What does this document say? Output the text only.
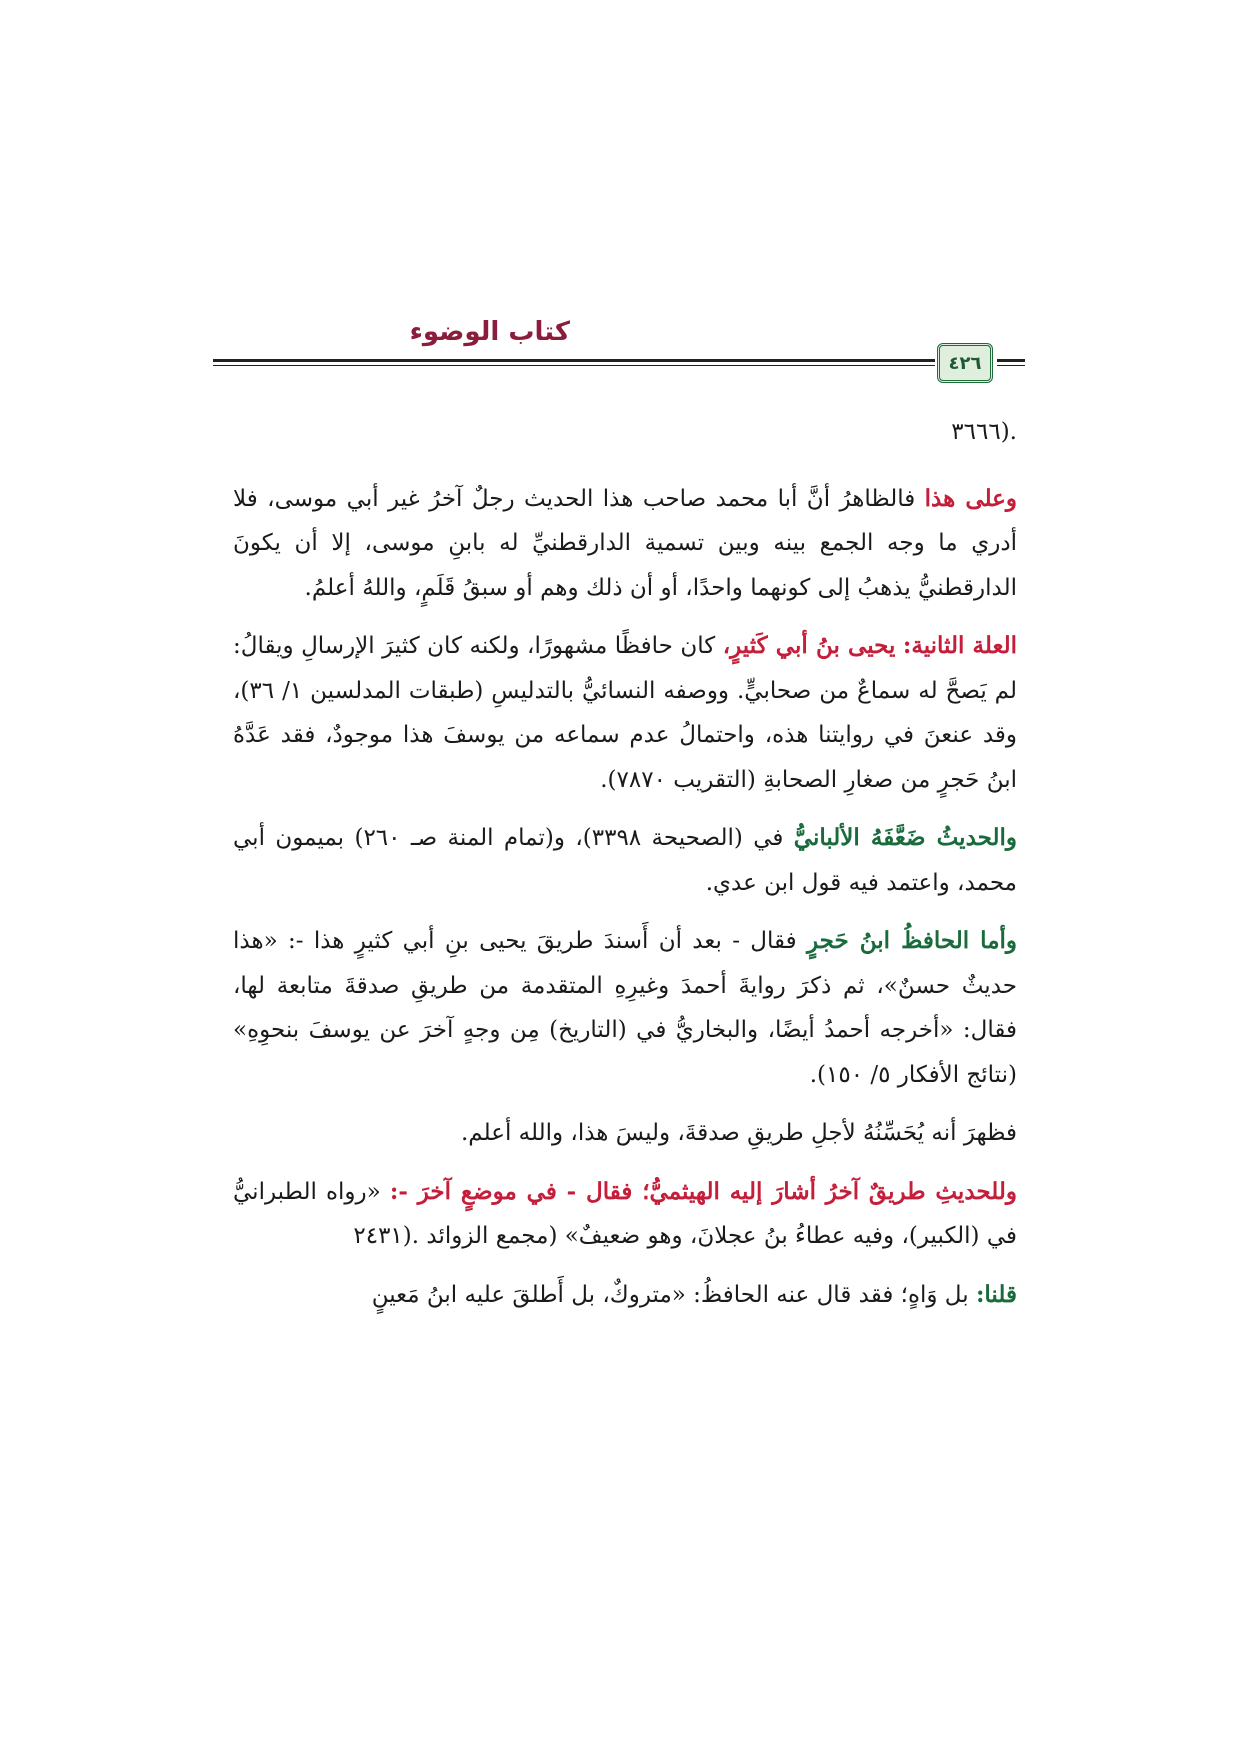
كتاب الوضوء
٤٢٦

.(٣٦٦٦

وعلى هذا فالظاهرُ أنَّ أبا محمد صاحب هذا الحديث رجلٌ آخرُ غير أبي موسى، فلا أدري ما وجه الجمع بينه وبين تسمية الدارقطنيِّ له بابنِ موسى، إلا أن يكونَ الدارقطنيُّ يذهبُ إلى كونهما واحدًا، أو أن ذلك وهم أو سبقُ قَلَمٍ، واللهُ أعلمُ.

العلة الثانية: يحيى بنُ أبي كَثيرٍ، كان حافظًا مشهورًا، ولكنه كان كثيرَ الإرسالِ ويقالُ: لم يَصحَّ له سماعٌ من صحابيٍّ. ووصفه النسائيُّ بالتدليسِ (طبقات المدلسين ١/ ٣٦)، وقد عنعنَ في روايتنا هذه، واحتمالُ عدم سماعه من يوسفَ هذا موجودٌ، فقد عَدَّهُ ابنُ حَجرٍ من صغارِ الصحابةِ (التقريب ٧٨٧٠).

والحديثُ ضَعَّفَهُ الألبانيُّ في (الصحيحة ٣٣٩٨)، و(تمام المنة صـ ٢٦٠) بميمون أبي محمد، واعتمد فيه قول ابن عدي.

وأما الحافظُ ابنُ حَجرٍ فقال - بعد أن أَسندَ طريقَ يحيى بنِ أبي كثيرٍ هذا -: «هذا حديثٌ حسنٌ»، ثم ذكرَ روايةَ أحمدَ وغيرِهِ المتقدمة من طريقِ صدقةَ متابعة لها، فقال: «أخرجه أحمدُ أيضًا، والبخاريُّ في (التاريخ) مِن وجهٍ آخرَ عن يوسفَ بنحوِهِ» (نتائج الأفكار ٥/ ١٥٠).

فظهرَ أنه يُحَسِّنُهُ لأجلِ طريقِ صدقةَ، وليسَ هذا، والله أعلم.

وللحديثِ طريقٌ آخرُ أشارَ إليه الهيثميُّ؛ فقال - في موضعٍ آخرَ -: «رواه الطبرانيُّ في (الكبير)، وفيه عطاءُ بنُ عجلانَ، وهو ضعيفٌ» (مجمع الزوائد .(٢٤٣١

قلنا: بل وَاهٍ؛ فقد قال عنه الحافظُ: «متروكٌ، بل أَطلقَ عليه ابنُ مَعينٍ
